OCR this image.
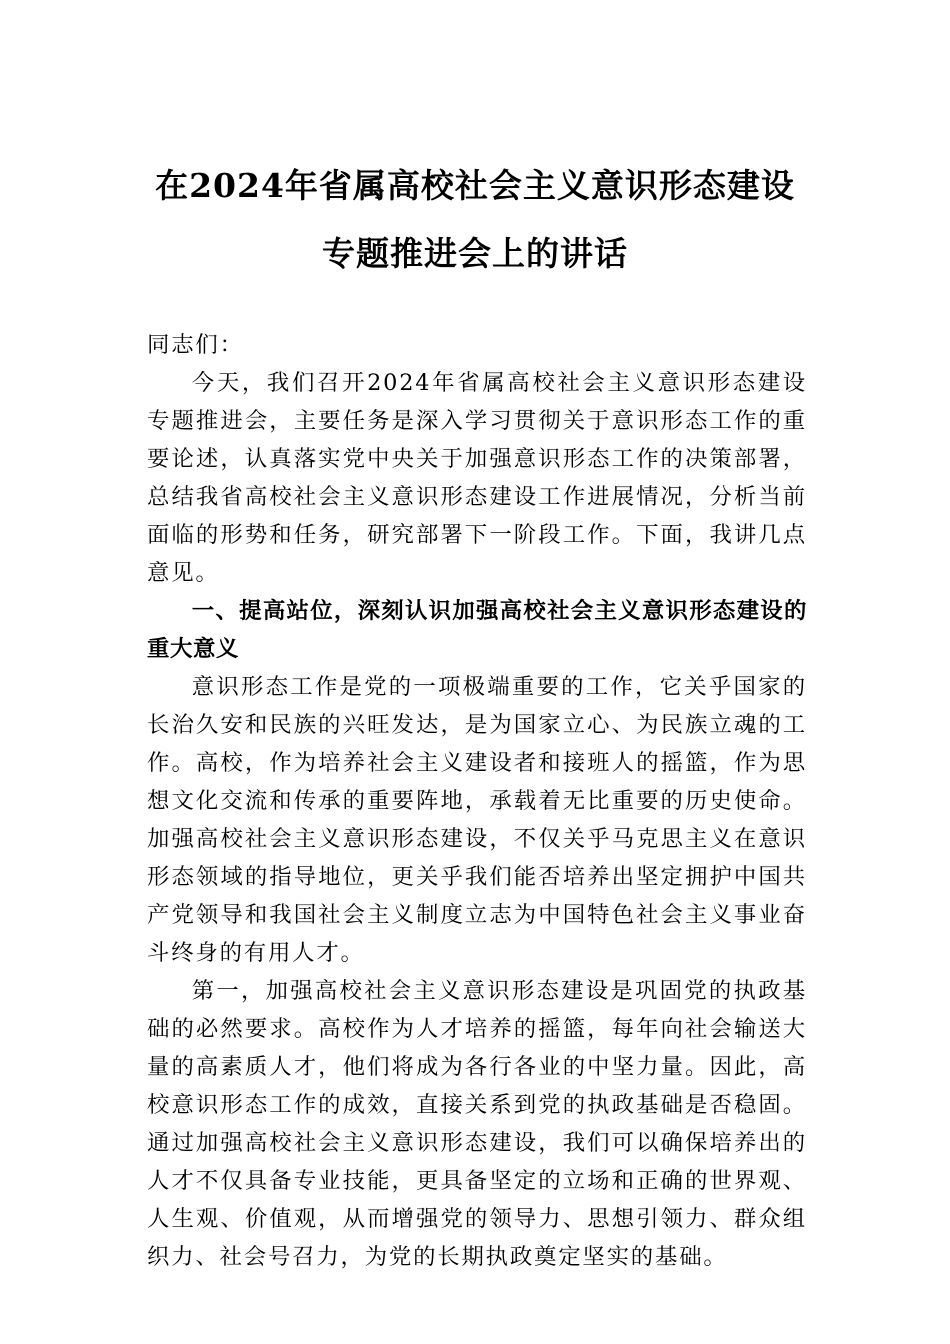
在2024年省属高校社会主义意识形态建设
专题推进会上的讲话

同志们：

今天，我们召开2024年省属高校社会主义意识形态建设专题推进会，主要任务是深入学习贯彻关于意识形态工作的重要论述，认真落实党中央关于加强意识形态工作的决策部署，总结我省高校社会主义意识形态建设工作进展情况，分析当前面临的形势和任务，研究部署下一阶段工作。下面，我讲几点意见。

一、提高站位，深刻认识加强高校社会主义意识形态建设的重大意义

意识形态工作是党的一项极端重要的工作，它关乎国家的长治久安和民族的兴旺发达，是为国家立心、为民族立魂的工作。高校，作为培养社会主义建设者和接班人的摇篮，作为思想文化交流和传承的重要阵地，承载着无比重要的历史使命。加强高校社会主义意识形态建设，不仅关乎马克思主义在意识形态领域的指导地位，更关乎我们能否培养出坚定拥护中国共产党领导和我国社会主义制度立志为中国特色社会主义事业奋斗终身的有用人才。

第一，加强高校社会主义意识形态建设是巩固党的执政基础的必然要求。高校作为人才培养的摇篮，每年向社会输送大量的高素质人才，他们将成为各行各业的中坚力量。因此，高校意识形态工作的成效，直接关系到党的执政基础是否稳固。通过加强高校社会主义意识形态建设，我们可以确保培养出的人才不仅具备专业技能，更具备坚定的立场和正确的世界观、人生观、价值观，从而增强党的领导力、思想引领力、群众组织力、社会号召力，为党的长期执政奠定坚实的基础。
